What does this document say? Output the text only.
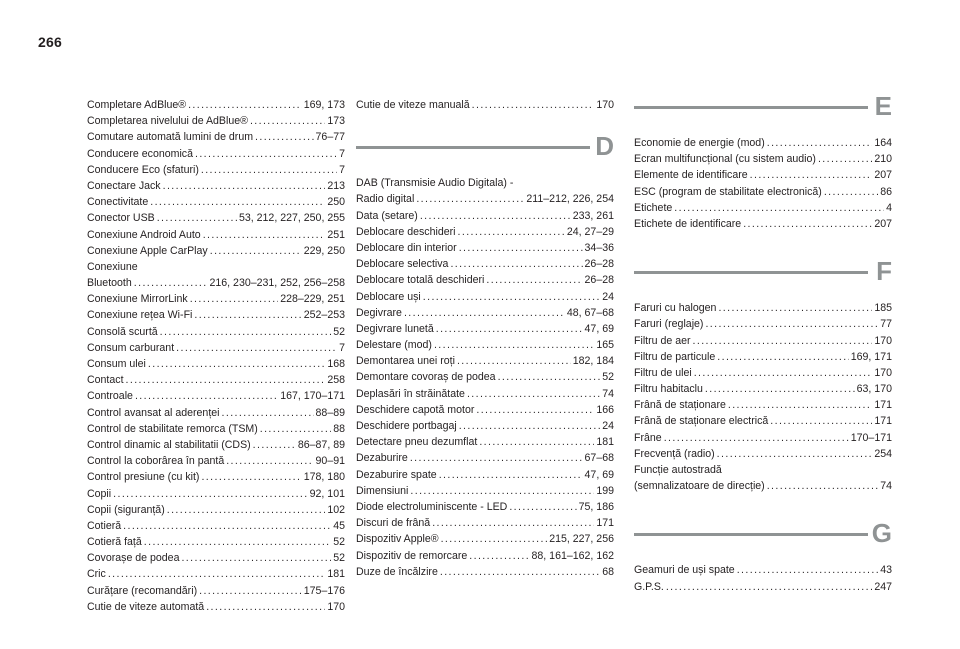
266
Completare AdBlue® .....	169, 173
Completarea nivelului de AdBlue® .....	173
Comutare automată lumini de drum .....	76–77
Conducere economică .....	7
Conducere Eco (sfaturi) .....	7
Conectare Jack .....	213
Conectivitate .....	250
Conector USB .....	53, 212, 227, 250, 255
Conexiune Android Auto .....	251
Conexiune Apple CarPlay .....	229, 250
Conexiune
Bluetooth .....	216, 230–231, 252, 256–258
Conexiune MirrorLink .....	228–229, 251
Conexiune rețea Wi-Fi .....	252–253
Consolă scurtă .....	52
Consum carburant .....	7
Consum ulei .....	168
Contact .....	258
Controale .....	167, 170–171
Control avansat al aderenței .....	88–89
Control de stabilitate remorca (TSM) .....	88
Control dinamic al stabilitatii (CDS) .....	86–87, 89
Control la coborârea în pantă .....	90–91
Control presiune (cu kit) .....	178, 180
Copii .....	92, 101
Copii (siguranță) .....	102
Cotieră .....	45
Cotieră față .....	52
Covorașe de podea .....	52
Cric .....	181
Curățare (recomandări) .....	175–176
Cutie de viteze automată .....	170
Cutie de viteze manuală .....	170
D
DAB (Transmisie Audio Digitala) -
Radio digital .....	211–212, 226, 254
Data (setare) .....	233, 261
Deblocare deschideri .....	24, 27–29
Deblocare din interior .....	34–36
Deblocare selectiva .....	26–28
Deblocare totală deschideri .....	26–28
Deblocare uși .....	24
Degivrare .....	48, 67–68
Degivrare lunetă .....	47, 69
Delestare (mod) .....	165
Demontarea unei roți .....	182, 184
Demontare covoraș de podea .....	52
Deplasări în străinătate .....	74
Deschidere capotă motor .....	166
Deschidere portbagaj .....	24
Detectare pneu dezumflat .....	181
Dezaburire .....	67–68
Dezaburire spate .....	47, 69
Dimensiuni .....	199
Diode electroluminiscente - LED .....	75, 186
Discuri de frână .....	171
Dispozitiv Apple® .....	215, 227, 256
Dispozitiv de remorcare .....	88, 161–162, 162
Duze de încălzire .....	68
E
Economie de energie (mod) .....	164
Ecran multifuncțional (cu sistem audio) .....	210
Elemente de identificare .....	207
ESC (program de stabilitate electronică) .....	86
Etichete .....	4
Etichete de identificare .....	207
F
Faruri cu halogen .....	185
Faruri (reglaje) .....	77
Filtru de aer .....	170
Filtru de particule .....	169, 171
Filtru de ulei .....	170
Filtru habitaclu .....	63, 170
Frână de staționare .....	171
Frână de staționare electrică .....	171
Frâne .....	170–171
Frecvență (radio) .....	254
Funcție autostradă
(semnalizatoare de direcție) .....	74
G
Geamuri de uși spate .....	43
G.P.S. .....	247
